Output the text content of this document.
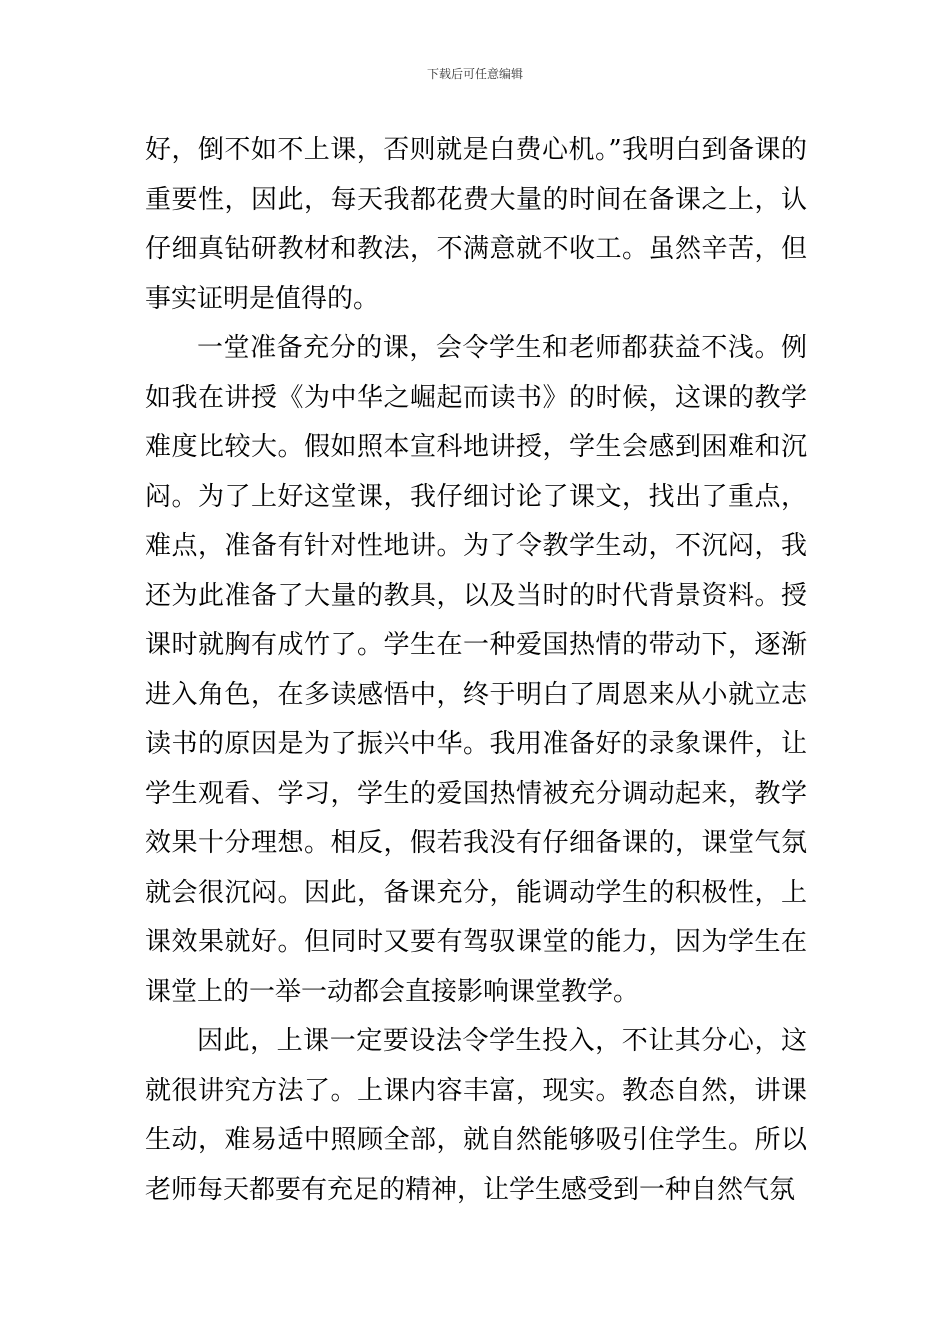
下载后可任意编辑

好，倒不如不上课，否则就是白费心机。”我明白到备课的重要性，因此，每天我都花费大量的时间在备课之上，认仔细真钻研教材和教法，不满意就不收工。虽然辛苦，但事实证明是值得的。

一堂准备充分的课，会令学生和老师都获益不浅。例如我在讲授《为中华之崛起而读书》的时候，这课的教学难度比较大。假如照本宣科地讲授，学生会感到困难和沉闷。为了上好这堂课，我仔细讨论了课文，找出了重点，难点，准备有针对性地讲。为了令教学生动，不沉闷，我还为此准备了大量的教具，以及当时的时代背景资料。授课时就胸有成竹了。学生在一种爱国热情的带动下，逐渐进入角色，在多读感悟中，终于明白了周恩来从小就立志读书的原因是为了振兴中华。我用准备好的录象课件，让学生观看、学习，学生的爱国热情被充分调动起来，教学效果十分理想。相反，假若我没有仔细备课的，课堂气氛就会很沉闷。因此，备课充分，能调动学生的积极性，上课效果就好。但同时又要有驾驭课堂的能力，因为学生在课堂上的一举一动都会直接影响课堂教学。

因此，上课一定要设法令学生投入，不让其分心，这就很讲究方法了。上课内容丰富，现实。教态自然，讲课生动，难易适中照顾全部，就自然能够吸引住学生。所以老师每天都要有充足的精神，让学生感受到一种自然气氛
